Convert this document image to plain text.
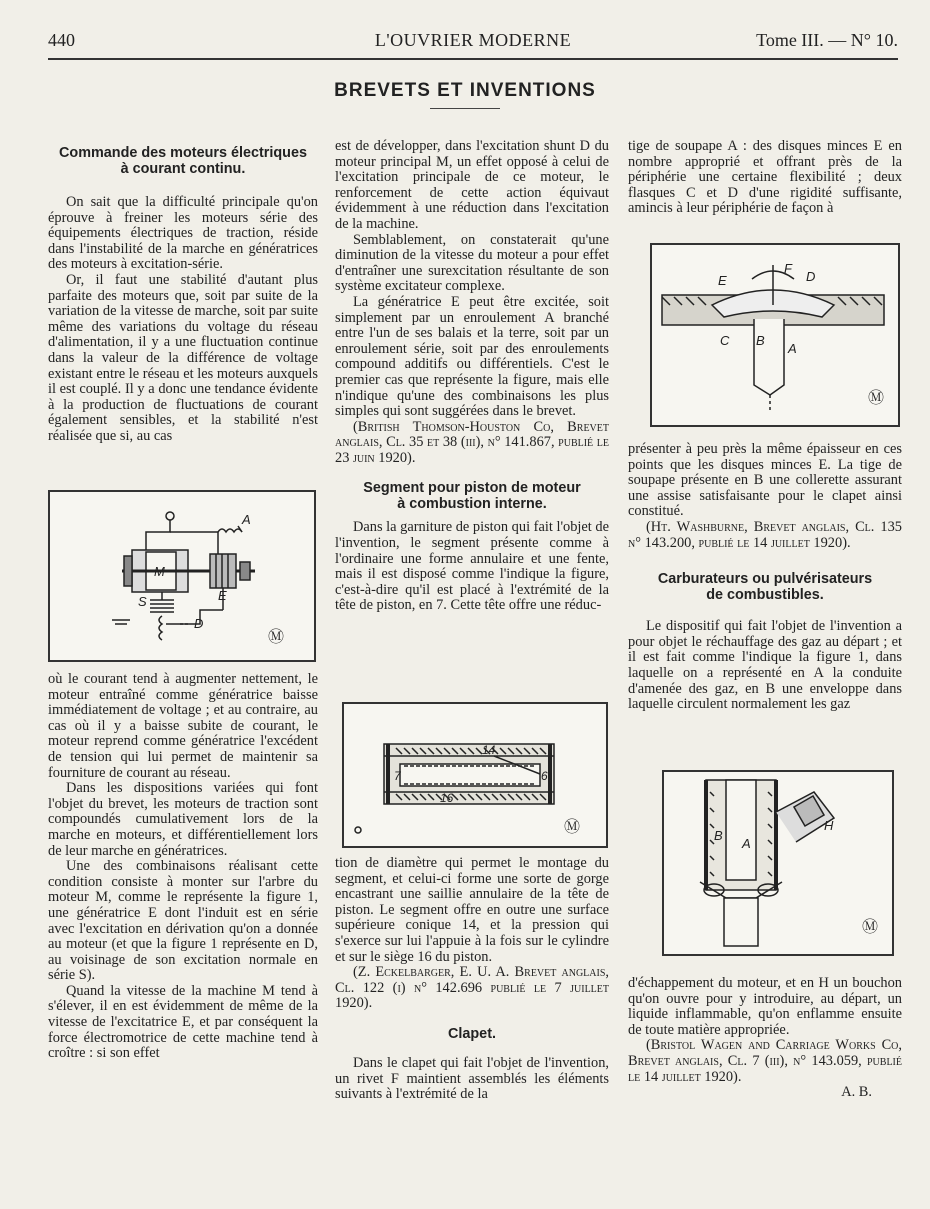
440	L'OUVRIER MODERNE	Tome III. — N° 10.
BREVETS ET INVENTIONS
Commande des moteurs électriques
à courant continu.

On sait que la difficulté principale qu'on éprouve à freiner les moteurs série des équipements électriques de traction, réside dans l'instabilité de la marche en génératrices des moteurs à excitation-série.

Or, il faut une stabilité d'autant plus parfaite des moteurs que, soit par suite de la variation de la vitesse de marche, soit par suite même des variations du voltage du réseau d'alimentation, il y a une fluctuation continue dans la valeur de la différence de voltage existant entre le réseau et les moteurs auxquels il est couplé. Il y a donc une tendance évidente à la production de fluctuations de courant également sensibles, et la stabilité n'est réalisée que si, au cas

Ⓜ
M
A
E
S
D

où le courant tend à augmenter nettement, le moteur entraîné comme génératrice baisse immédiatement de voltage ; et au contraire, au cas où il y a baisse subite de courant, le moteur reprend comme génératrice l'excédent de tension qui lui permet de maintenir sa fourniture de courant au réseau.

Dans les dispositions variées qui font l'objet du brevet, les moteurs de traction sont compoundés cumulativement lors de la marche en moteurs, et différentiellement lors de leur marche en génératrices.

Une des combinaisons réalisant cette condition consiste à monter sur l'arbre du moteur M, comme le représente la figure 1, une génératrice E dont l'induit est en série avec l'excitation en dérivation qu'on a donnée au moteur (et que la figure 1 représente en D, au voisinage de son excitation normale en série S).

Quand la vitesse de la machine M tend à s'élever, il en est évidemment de même de la vitesse de l'excitatrice E, et par conséquent la force électromotrice de cette machine tend à croître : si son effet

est de développer, dans l'excitation shunt D du moteur principal M, un effet opposé à celui de l'excitation principale de ce moteur, le renforcement de cette action équivaut évidemment à une réduction dans l'excitation de la machine.

Semblablement, on constaterait qu'une diminution de la vitesse du moteur a pour effet d'entraîner une surexcitation résultante de son système excitateur complexe.

La génératrice E peut être excitée, soit simplement par un enroulement A branché entre l'un de ses balais et la terre, soit par un enroulement série, soit par des enroulements compound additifs ou différentiels. C'est le premier cas que représente la figure, mais elle n'indique qu'une des combinaisons les plus simples qui sont suggérées dans le brevet.

(British Thomson-Houston Co, Brevet anglais, Cl. 35 et 38 (iii), n° 141.867, publié le 23 juin 1920).

Segment pour piston de moteur
à combustion interne.

Dans la garniture de piston qui fait l'objet de l'invention, le segment présente comme à l'ordinaire une forme annulaire et une fente, mais il est disposé comme l'indique la figure, c'est-à-dire qu'il est placé à l'extrémité de la tête de piston, en 7. Cette tête offre une réduc-

Ⓜ
14
7	6
16

tion de diamètre qui permet le montage du segment, et celui-ci forme une sorte de gorge encastrant une saillie annulaire de la tête de piston. Le segment offre en outre une surface supérieure conique 14, et la pression qui s'exerce sur lui l'appuie à la fois sur le cylindre et sur le siège 16 du piston.

(Z. Eckelbarger, E. U. A. Brevet anglais, Cl. 122 (i) n° 142.696 publié le 7 juillet 1920).

Clapet.

Dans le clapet qui fait l'objet de l'invention, un rivet F maintient assemblés les éléments suivants à l'extrémité de la

tige de soupape A : des disques minces E en nombre approprié et offrant près de la périphérie une certaine flexibilité ; deux flasques C et D d'une rigidité suffisante, amincis à leur périphérie de façon à

Ⓜ
E
F
D
C B
A

présenter à peu près la même épaisseur en ces points que les disques minces E. La tige de soupape présente en B une collerette assurant une assise satisfaisante pour le clapet ainsi constitué.

(Ht. Washburne, Brevet anglais, Cl. 135 n° 143.200, publié le 14 juillet 1920).

Carburateurs ou pulvérisateurs
de combustibles.

Le dispositif qui fait l'objet de l'invention a pour objet le réchauffage des gaz au départ ; et il est fait comme l'indique la figure 1, dans laquelle on a représenté en A la conduite d'amenée des gaz, en B une enveloppe dans laquelle circulent normalement les gaz

Ⓜ
B
A
H

d'échappement du moteur, et en H un bouchon qu'on ouvre pour y introduire, au départ, un liquide inflammable, qu'on enflamme ensuite de toute matière appropriée.

(Bristol Wagen and Carriage Works Co, Brevet anglais, Cl. 7 (iii), n° 143.059, publié le 14 juillet 1920).

A. B.
